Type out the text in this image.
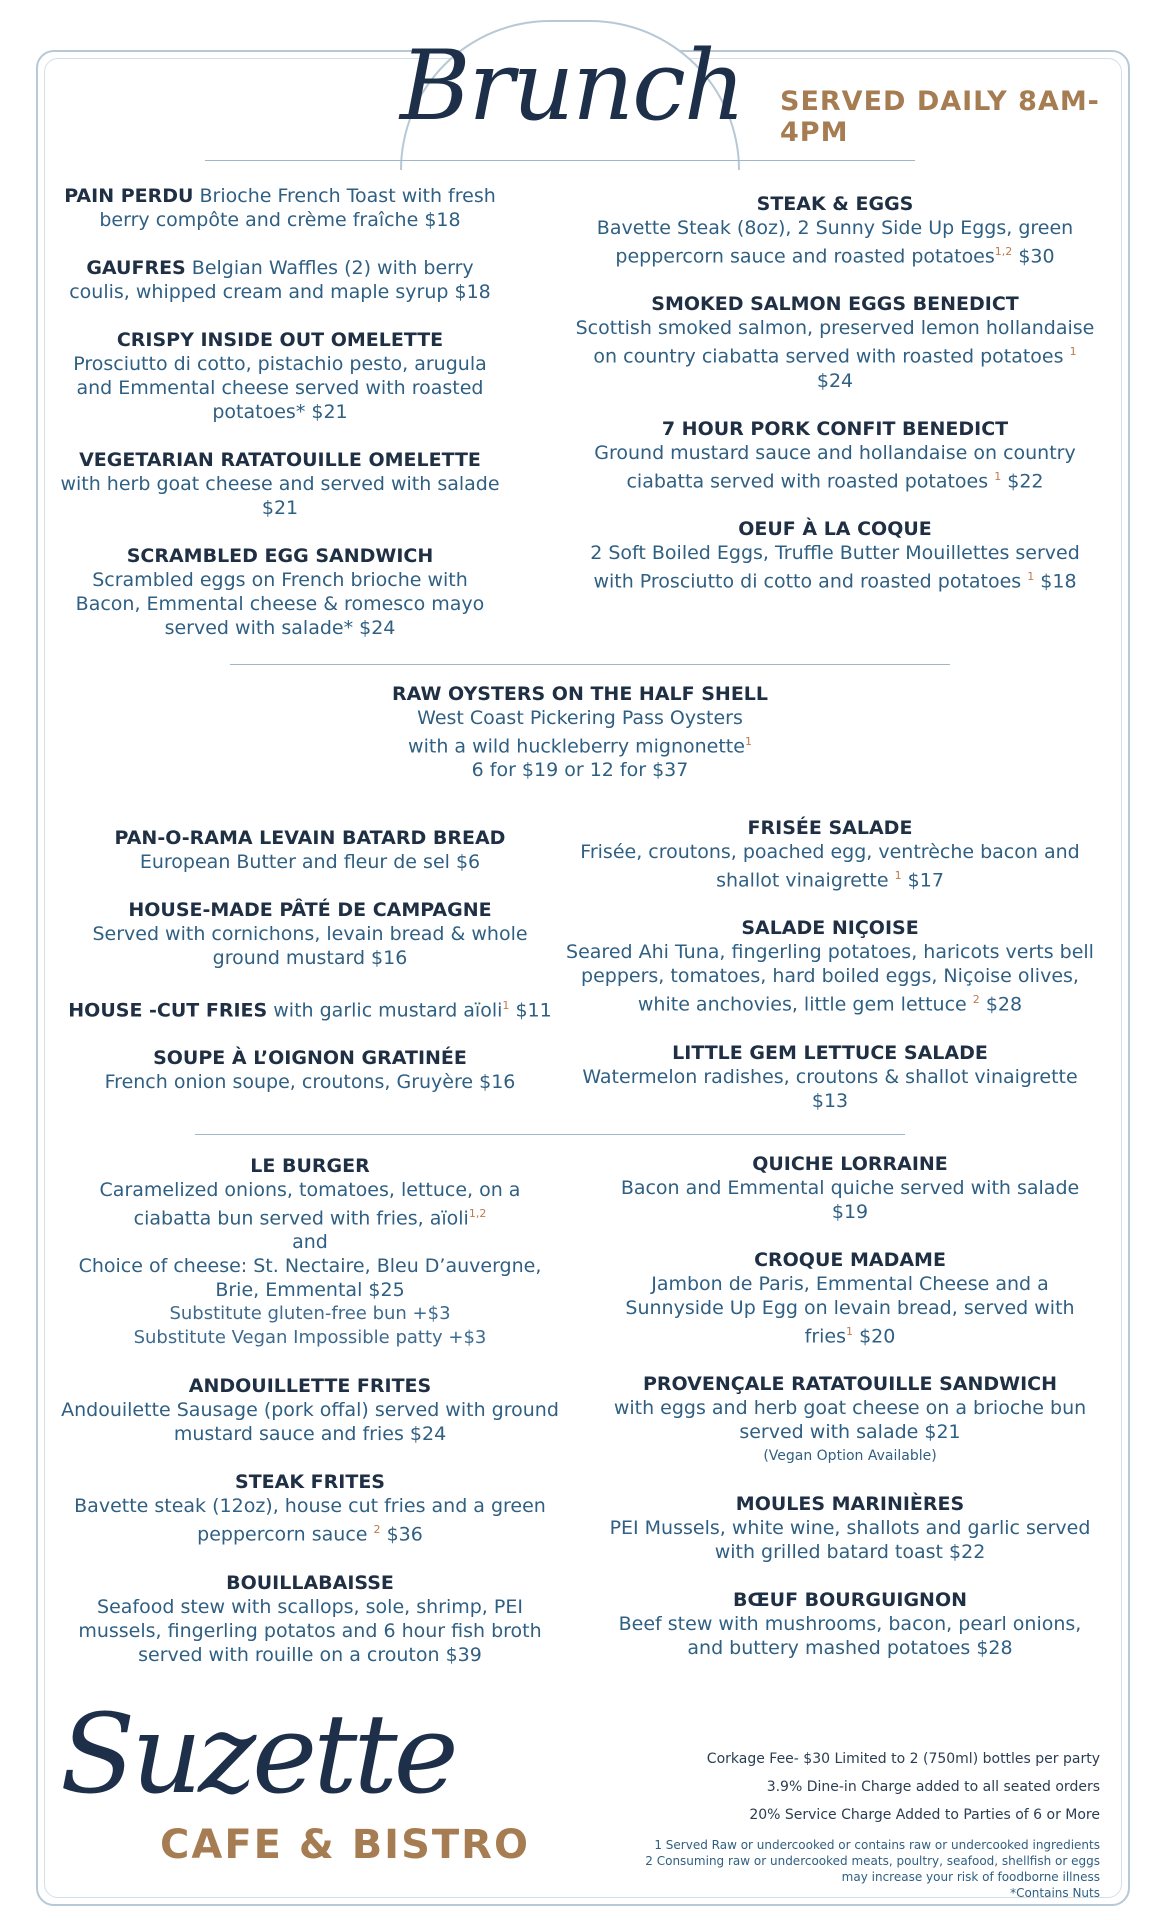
Brunch SERVED DAILY 8AM-4PM
PAIN PERDU Brioche French Toast with fresh berry compôte and crème fraîche $18
GAUFRES Belgian Waffles (2) with berry coulis, whipped cream and maple syrup $18
CRISPY INSIDE OUT OMELETTE
Prosciutto di cotto, pistachio pesto, arugula and Emmental cheese served with roasted potatoes* $21
VEGETARIAN RATATOUILLE OMELETTE
with herb goat cheese and served with salade $21
SCRAMBLED EGG SANDWICH
Scrambled eggs on French brioche with Bacon, Emmental cheese & romesco mayo served with salade* $24
STEAK & EGGS
Bavette Steak (8oz), 2 Sunny Side Up Eggs, green peppercorn sauce and roasted potatoes$^{1,2}$ $30
SMOKED SALMON EGGS BENEDICT
Scottish smoked salmon, preserved lemon hollandaise on country ciabatta served with roasted potatoes $^1$ $24
7 HOUR PORK CONFIT BENEDICT
Ground mustard sauce and hollandaise on country ciabatta served with roasted potatoes $^1$ $22
OEUF À LA COQUE
2 Soft Boiled Eggs, Truffle Butter Mouillettes served with Prosciutto di cotto and roasted potatoes $^1$ $18
RAW OYSTERS ON THE HALF SHELL
West Coast Pickering Pass Oysters
with a wild huckleberry mignonette$^1$
6 for $19 or 12 for $37
PAN-O-RAMA LEVAIN BATARD BREAD
European Butter and fleur de sel $6
HOUSE-MADE PÂTÉ DE CAMPAGNE
Served with cornichons, levain bread & whole ground mustard $16
HOUSE -CUT FRIES with garlic mustard aïoli$^1$ $11
SOUPE À L’OIGNON GRATINÉE
French onion soupe, croutons, Gruyère $16
FRISÉE SALADE
Frisée, croutons, poached egg, ventrèche bacon and shallot vinaigrette $^1$ $17
SALADE NIÇOISE
Seared Ahi Tuna, fingerling potatoes, haricots verts bell peppers, tomatoes, hard boiled eggs, Niçoise olives, white anchovies, little gem lettuce $^2$ $28
LITTLE GEM LETTUCE SALADE
Watermelon radishes, croutons & shallot vinaigrette $13
LE BURGER
Caramelized onions, tomatoes, lettuce, on a ciabatta bun served with fries, aïoli$^{1,2}$
and
Choice of cheese: St. Nectaire, Bleu D’auvergne, Brie, Emmental $25
Substitute gluten-free bun +$3
Substitute Vegan Impossible patty +$3
ANDOUILLETTE FRITES
Andouilette Sausage (pork offal) served with ground mustard sauce and fries $24
STEAK FRITES
Bavette steak (12oz), house cut fries and a green peppercorn sauce $^2$ $36
BOUILLABAISSE
Seafood stew with scallops, sole, shrimp, PEI mussels, fingerling potatos and 6 hour fish broth served with rouille on a crouton $39
QUICHE LORRAINE
Bacon and Emmental quiche served with salade $19
CROQUE MADAME
Jambon de Paris, Emmental Cheese and a Sunnyside Up Egg on levain bread, served with fries$^1$ $20
PROVENÇALE RATATOUILLE SANDWICH
with eggs and herb goat cheese on a brioche bun served with salade $21
(Vegan Option Available)
MOULES MARINIÈRES
PEI Mussels, white wine, shallots and garlic served with grilled batard toast $22
BŒUF BOURGUIGNON
Beef stew with mushrooms, bacon, pearl onions, and buttery mashed potatoes $28
Suzette
CAFE & BISTRO
Corkage Fee- $30 Limited to 2 (750ml) bottles per party
3.9% Dine-in Charge added to all seated orders
20% Service Charge Added to Parties of 6 or More
1 Served Raw or undercooked or contains raw or undercooked ingredients
2 Consuming raw or undercooked meats, poultry, seafood, shellfish or eggs
may increase your risk of foodborne illness
*Contains Nuts
